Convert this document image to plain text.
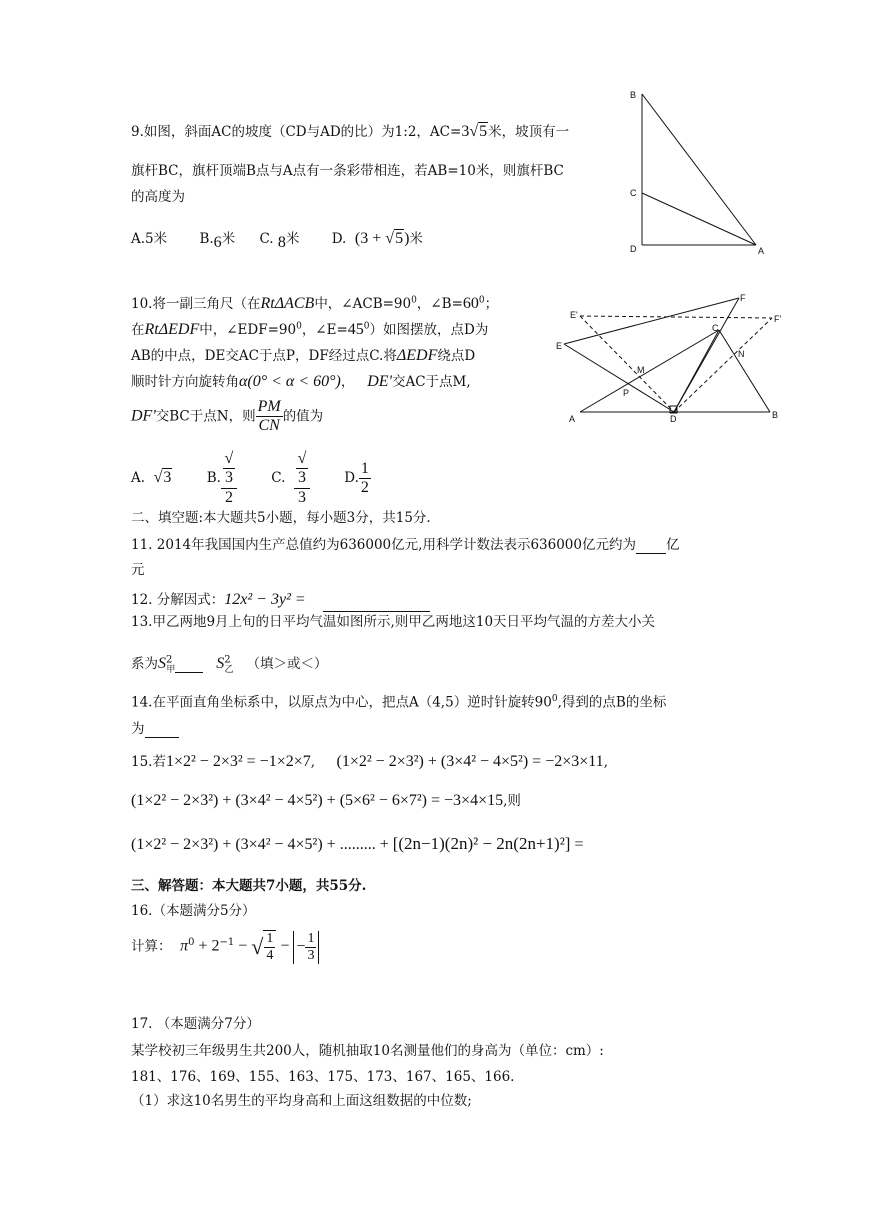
9.如图，斜面AC的坡度（CD与AD的比）为1:2，AC=3√5米，坡顶有一
旗杆BC，旗杆顶端B点与A点有一条彩带相连，若AB=10米，则旗杆BC
的高度为
A.5米 B.6米 C. 8米 D. (3 + √5)米
B
C
D	A
10.将一副三角尺（在RtΔACB中，$\angle ACB=90^0$，$\angle B=60^0$；
在RtΔEDF中，$\angle EDF=90^0$，$\angle E=45^0$）如图摆放，点D为
AB的中点，DE交AC于点P，DF经过点C.将ΔEDF绕点D
顺时针方向旋转角α(0° < α < 60°)， DE'交AC于点M,
DF'交BC于点N，则 $\frac{PM}{CN}$ 的值为
A. √3	B. √
3
2	C. √
3
3	D. $\frac{1}{2}$
F
E'	F'
C
E
M
N
P
A	D	B
二、填空题:本大题共5小题，每小题3分，共15分.
11. 2014年我国国内生产总值约为636000亿元,用科学计数法表示636000亿元约为 亿
元
12. 分解因式：12x² − 3y² =
13.甲乙两地9月上旬的日平均气温如图所示,则甲乙两地这10天日平均气温的方差大小关
系为$S^2_甲$	$S^2_乙$ （填＞或＜）
14.在平面直角坐标系中，以原点为中心，把点A（4,5）逆时针旋转$90^0$,得到的点B的坐标
为
15.若1×2² − 2×3² = −1×2×7, (1×2² − 2×3²) + (3×4² − 4×5²) = −2×3×11,
(1×2² − 2×3²) + (3×4² − 4×5²) + (5×6² − 6×7²) = −3×4×15,则
(1×2² − 2×3²) + (3×4² − 4×5²) + ......... + [(2n−1)(2n)² − 2n(2n+1)²] =
三、解答题：本大题共7小题，共55分.
16.（本题满分5分）
计算： $\pi^0 + 2^{-1}$ − √ $\frac{1}{4}$ − − $\frac{1}{3}$
17. （本题满分7分）
某学校初三年级男生共200人，随机抽取10名测量他们的身高为（单位：cm）:
181、176、169、155、163、175、173、167、165、166.
（1）求这10名男生的平均身高和上面这组数据的中位数;
